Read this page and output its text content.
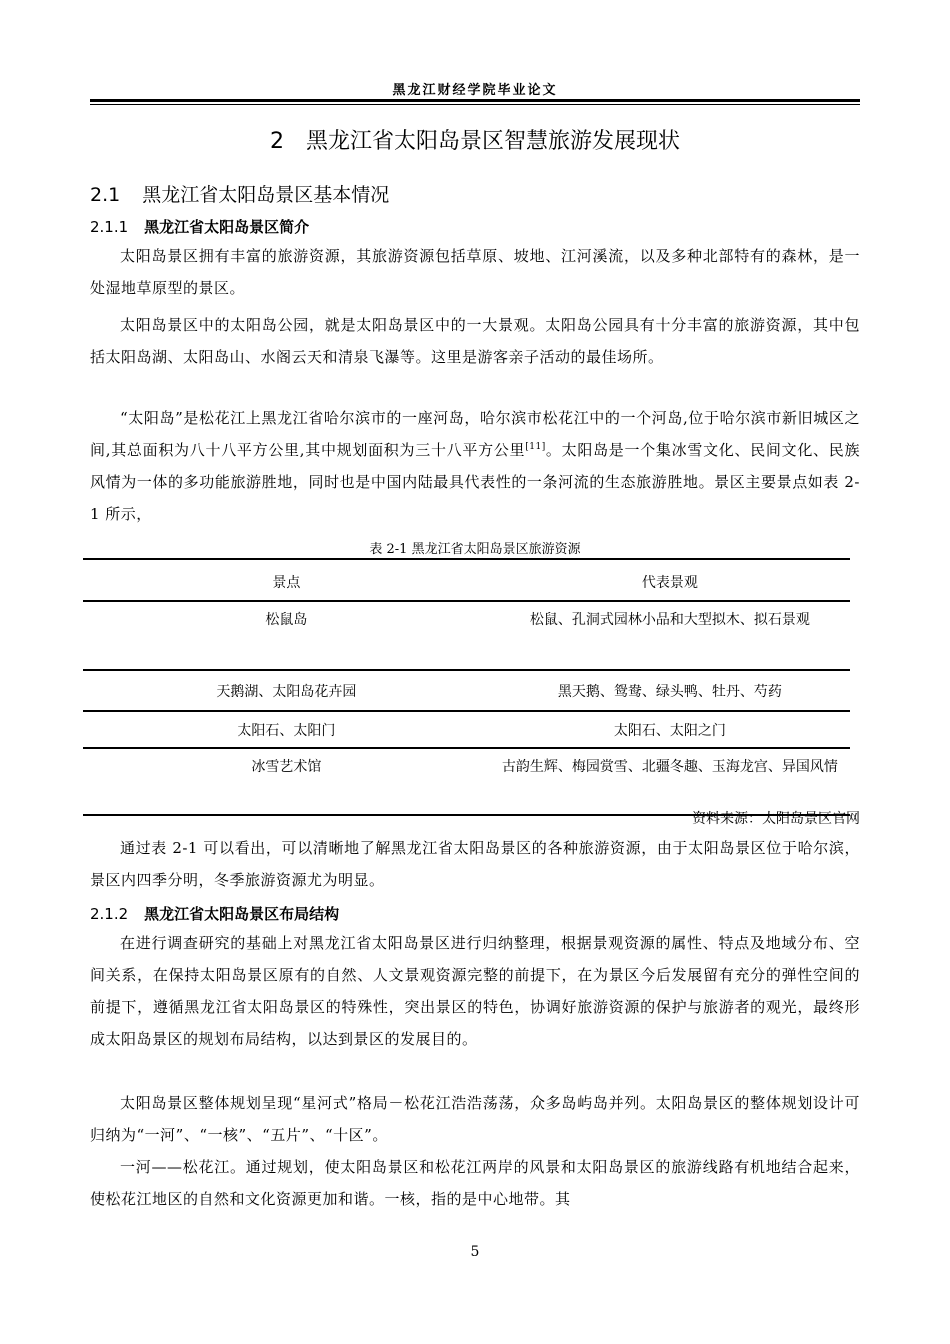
黑龙江财经学院毕业论文
2 黑龙江省太阳岛景区智慧旅游发展现状
2.1 黑龙江省太阳岛景区基本情况
2.1.1 黑龙江省太阳岛景区简介

太阳岛景区拥有丰富的旅游资源，其旅游资源包括草原、坡地、江河溪流，以及多种北部特有的森林，是一处湿地草原型的景区。

太阳岛景区中的太阳岛公园，就是太阳岛景区中的一大景观。太阳岛公园具有十分丰富的旅游资源，其中包括太阳岛湖、太阳岛山、水阁云天和清泉飞瀑等。这里是游客亲子活动的最佳场所。

“太阳岛”是松花江上黑龙江省哈尔滨市的一座河岛，哈尔滨市松花江中的一个河岛,位于哈尔滨市新旧城区之间,其总面积为八十八平方公里,其中规划面积为三十八平方公里[11]。太阳岛是一个集冰雪文化、民间文化、民族风情为一体的多功能旅游胜地，同时也是中国内陆最具代表性的一条河流的生态旅游胜地。景区主要景点如表 2-1 所示，

表 2-1 黑龙江省太阳岛景区旅游资源
景点	代表景观
松鼠岛	松鼠、孔洞式园林小品和大型拟木、拟石景观
天鹅湖、太阳岛花卉园	黑天鹅、鸳鸯、绿头鸭、牡丹、芍药
太阳石、太阳门	太阳石、太阳之门
冰雪艺术馆	古韵生辉、梅园赏雪、北疆冬趣、玉海龙宫、异国风情
资料来源：太阳岛景区官网

通过表 2-1 可以看出，可以清晰地了解黑龙江省太阳岛景区的各种旅游资源，由于太阳岛景区位于哈尔滨，景区内四季分明，冬季旅游资源尤为明显。

2.1.2 黑龙江省太阳岛景区布局结构

在进行调查研究的基础上对黑龙江省太阳岛景区进行归纳整理，根据景观资源的属性、特点及地域分布、空间关系，在保持太阳岛景区原有的自然、人文景观资源完整的前提下，在为景区今后发展留有充分的弹性空间的前提下，遵循黑龙江省太阳岛景区的特殊性，突出景区的特色，协调好旅游资源的保护与旅游者的观光，最终形成太阳岛景区的规划布局结构，以达到景区的发展目的。

太阳岛景区整体规划呈现“星河式”格局－松花江浩浩荡荡，众多岛屿岛并列。太阳岛景区的整体规划设计可归纳为“一河”、“一核”、“五片”、“十区”。

一河——松花江。通过规划，使太阳岛景区和松花江两岸的风景和太阳岛景区的旅游线路有机地结合起来，使松花江地区的自然和文化资源更加和谐。一核，指的是中心地带。其

5
